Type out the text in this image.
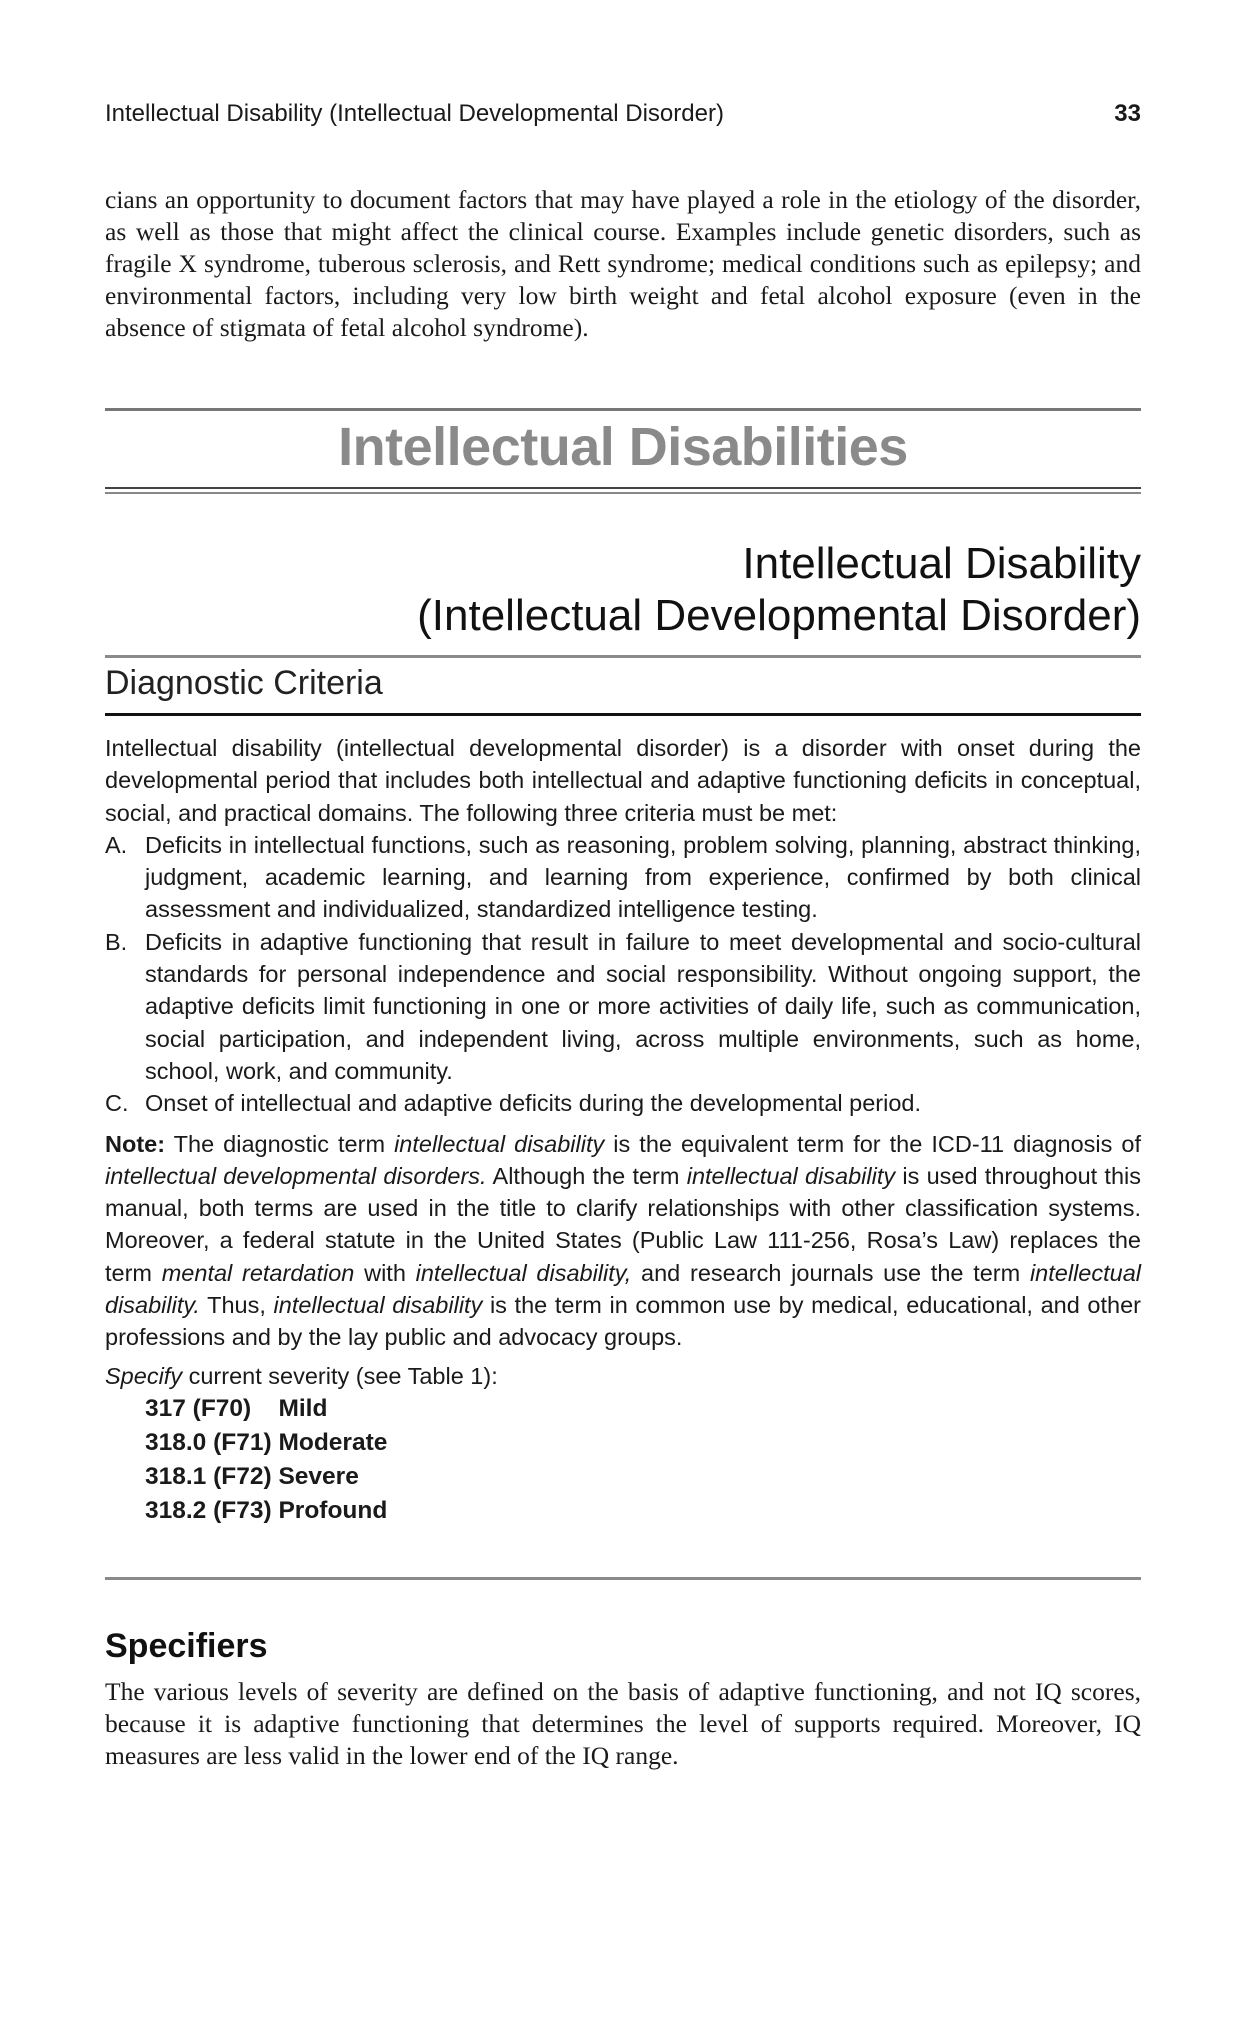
Intellectual Disability (Intellectual Developmental Disorder)	33

cians an opportunity to document factors that may have played a role in the etiology of the disorder, as well as those that might affect the clinical course. Examples include genetic disorders, such as fragile X syndrome, tuberous sclerosis, and Rett syndrome; medical conditions such as epilepsy; and environmental factors, including very low birth weight and fetal alcohol exposure (even in the absence of stigmata of fetal alcohol syndrome).

Intellectual Disabilities
Intellectual Disability
(Intellectual Developmental Disorder)
Diagnostic Criteria

Intellectual disability (intellectual developmental disorder) is a disorder with onset during the developmental period that includes both intellectual and adaptive functioning deficits in conceptual, social, and practical domains. The following three criteria must be met:

A. Deficits in intellectual functions, such as reasoning, problem solving, planning, abstract thinking, judgment, academic learning, and learning from experience, confirmed by both clinical assessment and individualized, standardized intelligence testing.
B. Deficits in adaptive functioning that result in failure to meet developmental and socio-cultural standards for personal independence and social responsibility. Without ongoing support, the adaptive deficits limit functioning in one or more activities of daily life, such as communication, social participation, and independent living, across multiple environments, such as home, school, work, and community.
C. Onset of intellectual and adaptive deficits during the developmental period.

Note: The diagnostic term intellectual disability is the equivalent term for the ICD-11 diagnosis of intellectual developmental disorders. Although the term intellectual disability is used throughout this manual, both terms are used in the title to clarify relationships with other classification systems. Moreover, a federal statute in the United States (Public Law 111-256, Rosa’s Law) replaces the term mental retardation with intellectual disability, and research journals use the term intellectual disability. Thus, intellectual disability is the term in common use by medical, educational, and other professions and by the lay public and advocacy groups.

Specify current severity (see Table 1):

317 (F70)    Mild
318.0 (F71) Moderate
318.1 (F72) Severe
318.2 (F73) Profound
Specifiers

The various levels of severity are defined on the basis of adaptive functioning, and not IQ scores, because it is adaptive functioning that determines the level of supports required. Moreover, IQ measures are less valid in the lower end of the IQ range.
